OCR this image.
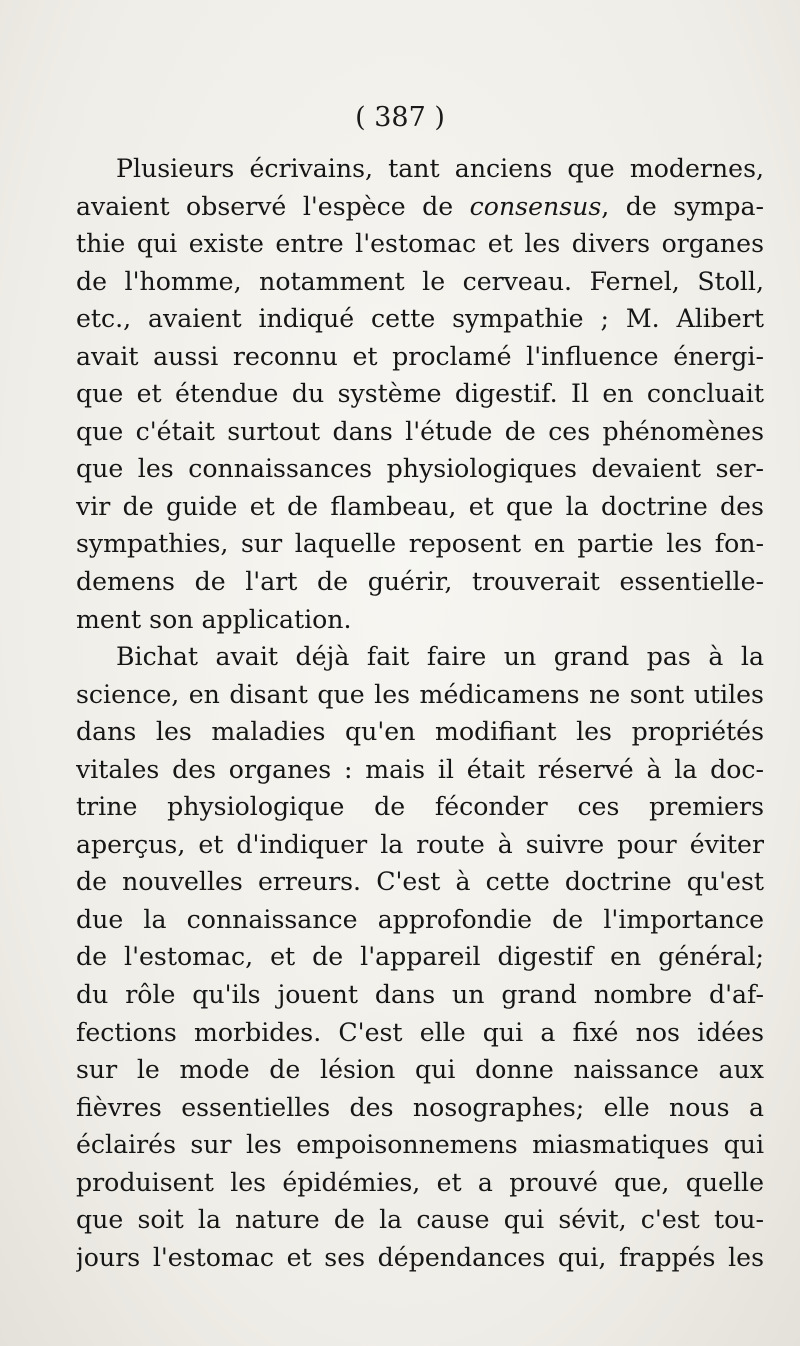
( 387 )
Plusieurs écrivains, tant anciens que modernes,
avaient observé l'espèce de consensus, de sympa-
thie qui existe entre l'estomac et les divers organes
de l'homme, notamment le cerveau. Fernel, Stoll,
etc., avaient indiqué cette sympathie ; M. Alibert
avait aussi reconnu et proclamé l'influence énergi-
que et étendue du système digestif. Il en concluait
que c'était surtout dans l'étude de ces phénomènes
que les connaissances physiologiques devaient ser-
vir de guide et de flambeau, et que la doctrine des
sympathies, sur laquelle reposent en partie les fon-
demens de l'art de guérir, trouverait essentielle-
ment son application.
Bichat avait déjà fait faire un grand pas à la
science, en disant que les médicamens ne sont utiles
dans les maladies qu'en modifiant les propriétés
vitales des organes : mais il était réservé à la doc-
trine physiologique de féconder ces premiers
aperçus, et d'indiquer la route à suivre pour éviter
de nouvelles erreurs. C'est à cette doctrine qu'est
due la connaissance approfondie de l'importance
de l'estomac, et de l'appareil digestif en général;
du rôle qu'ils jouent dans un grand nombre d'af-
fections morbides. C'est elle qui a fixé nos idées
sur le mode de lésion qui donne naissance aux
fièvres essentielles des nosographes; elle nous a
éclairés sur les empoisonnemens miasmatiques qui
produisent les épidémies, et a prouvé que, quelle
que soit la nature de la cause qui sévit, c'est tou-
jours l'estomac et ses dépendances qui, frappés les
